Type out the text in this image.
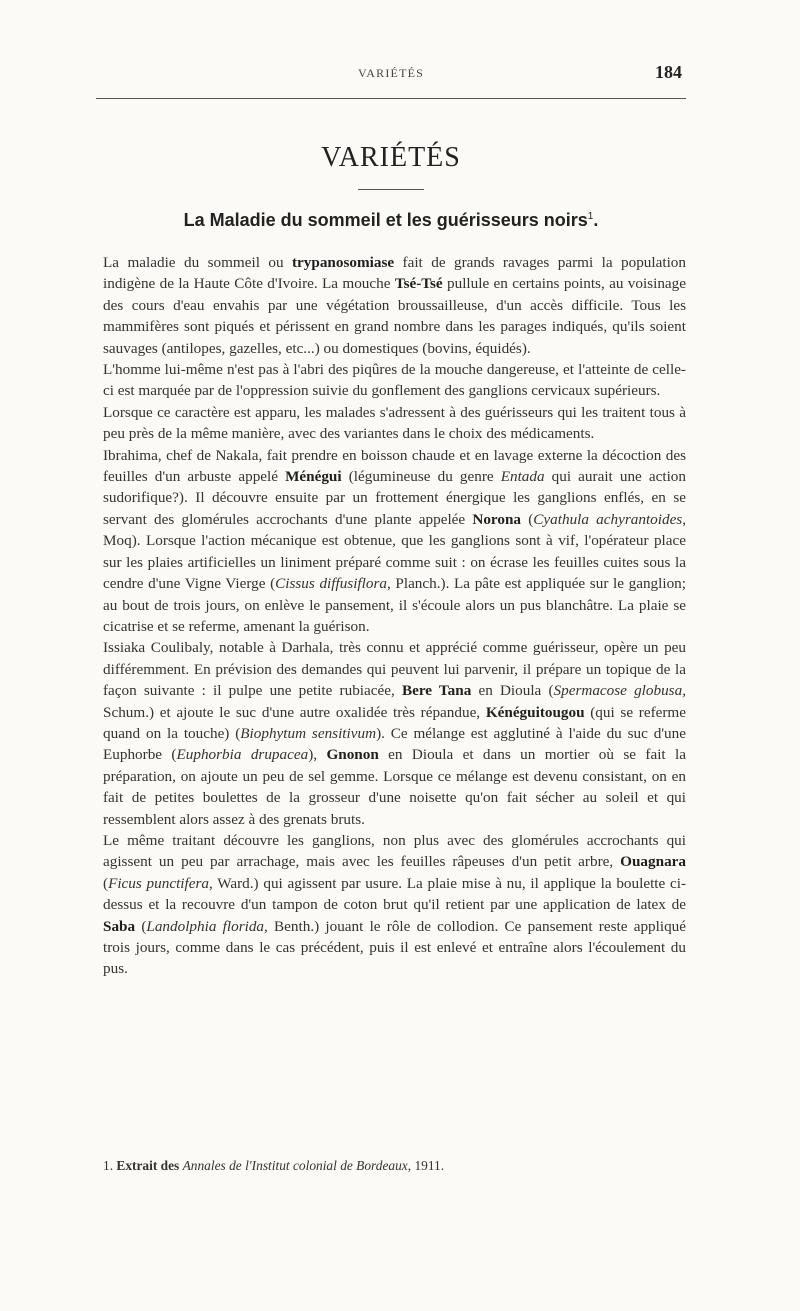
VARIÉTÉS	184
VARIÉTÉS
La Maladie du sommeil et les guérisseurs noirs$^1$.

La maladie du sommeil ou trypanosomiase fait de grands ravages parmi la population indigène de la Haute Côte d'Ivoire. La mouche Tsé-Tsé pullule en certains points, au voisinage des cours d'eau envahis par une végétation broussailleuse, d'un accès difficile. Tous les mammifères sont piqués et périssent en grand nombre dans les parages indiqués, qu'ils soient sauvages (antilopes, gazelles, etc...) ou domestiques (bovins, équidés).

L'homme lui-même n'est pas à l'abri des piqûres de la mouche dangereuse, et l'atteinte de celle-ci est marquée par de l'oppression suivie du gonflement des ganglions cervicaux supérieurs.

Lorsque ce caractère est apparu, les malades s'adressent à des guérisseurs qui les traitent tous à peu près de la même manière, avec des variantes dans le choix des médicaments.

Ibrahima, chef de Nakala, fait prendre en boisson chaude et en lavage externe la décoction des feuilles d'un arbuste appelé Ménégui (légumineuse du genre Entada qui aurait une action sudorifique?). Il découvre ensuite par un frottement énergique les ganglions enflés, en se servant des glomérules accrochants d'une plante appelée Norona (Cyathula achyrantoides, Moq). Lorsque l'action mécanique est obtenue, que les ganglions sont à vif, l'opérateur place sur les plaies artificielles un liniment préparé comme suit : on écrase les feuilles cuites sous la cendre d'une Vigne Vierge (Cissus diffusiflora, Planch.). La pâte est appliquée sur le ganglion; au bout de trois jours, on enlève le pansement, il s'écoule alors un pus blanchâtre. La plaie se cicatrise et se referme, amenant la guérison.

Issiaka Coulibaly, notable à Darhala, très connu et apprécié comme guérisseur, opère un peu différemment. En prévision des demandes qui peuvent lui parvenir, il prépare un topique de la façon suivante : il pulpe une petite rubiacée, Bere Tana en Dioula (Spermacose globusa, Schum.) et ajoute le suc d'une autre oxalidée très répandue, Kénéguitougou (qui se referme quand on la touche) (Biophytum sensitivum). Ce mélange est agglutiné à l'aide du suc d'une Euphorbe (Euphorbia drupacea), Gnonon en Dioula et dans un mortier où se fait la préparation, on ajoute un peu de sel gemme. Lorsque ce mélange est devenu consistant, on en fait de petites boulettes de la grosseur d'une noisette qu'on fait sécher au soleil et qui ressemblent alors assez à des grenats bruts.

Le même traitant découvre les ganglions, non plus avec des glomérules accrochants qui agissent un peu par arrachage, mais avec les feuilles râpeuses d'un petit arbre, Ouagnara (Ficus punctifera, Ward.) qui agissent par usure. La plaie mise à nu, il applique la boulette ci-dessus et la recouvre d'un tampon de coton brut qu'il retient par une application de latex de Saba (Landolphia florida, Benth.) jouant le rôle de collodion. Ce pansement reste appliqué trois jours, comme dans le cas précédent, puis il est enlevé et entraîne alors l'écoulement du pus.

1. Extrait des Annales de l'Institut colonial de Bordeaux, 1911.
